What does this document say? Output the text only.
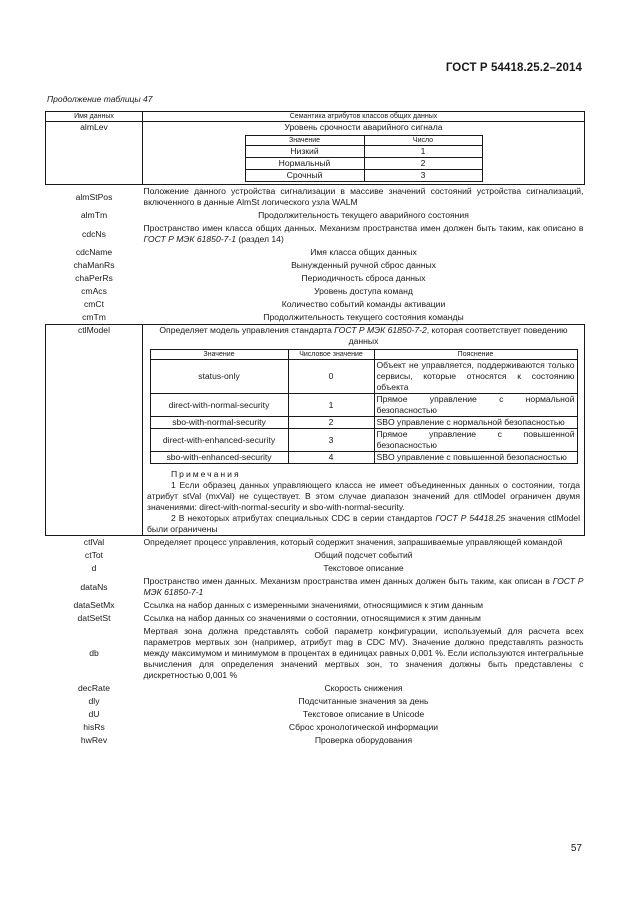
ГОСТ Р 54418.25.2–2014
Продолжение таблицы 47
Имя данных	Семантика атрибутов классов общих данных
almLev	Уровень срочности аварийного сигнала
Значение	Число
Низкий	1
Нормальный	2
Срочный	3

almStPos	Положение данного устройства сигнализации в массиве значений состояний устройства сигнализаций, включенного в данные AlmSt логического узла WALM
almTm	Продолжительность текущего аварийного состояния
cdcNs	Пространство имен класса общих данных. Механизм пространства имен должен быть таким, как описано в ГОСТ Р МЭК 61850-7-1 (раздел 14)
cdcName	Имя класса общих данных
chaManRs	Вынужденный ручной сброс данных
chaPerRs	Периодичность сброса данных
cmAcs	Уровень доступа команд
cmCt	Количество событий команды активации
cmTm	Продолжительность текущего состояния команды
ctlModel	Определяет модель управления стандарта ГОСТ Р МЭК 61850-7-2, которая соответствует поведению данных
Значение	Числовое значение	Пояснение
status-only	0	Объект не управляется, поддерживаются только сервисы, которые относятся к состоянию объекта
direct-with-normal-security	1	Прямое управление с нормальной безопасностью
sbo-with-normal-security	2	SBO управление с нормальной безопасностью
direct-with-enhanced-security	3	Прямое управление с повышенной безопасностью
sbo-with-enhanced-security	4	SBO управление с повышенной безопасностью
Примечания
1 Если образец данных управляющего класса не имеет объединенных данных о состоянии, тогда атрибут stVal (mxVal) не существует. В этом случае диапазон значений для ctlModel ограничен двумя значениями: direct-with-normal-security и sbo-with-normal-security.
2 В некоторых атрибутах специальных CDC в серии стандартов ГОСТ Р 54418.25 значения ctlModel были ограничены

ctlVal	Определяет процесс управления, который содержит значения, запрашиваемые управляющей командой
ctTot	Общий подсчет событий
d	Текстовое описание
dataNs	Пространство имен данных. Механизм пространства имен данных должен быть таким, как описан в ГОСТ Р МЭК 61850-7-1
dataSetMx	Ссылка на набор данных с измеренными значениями, относящимися к этим данным
datSetSt	Ссылка на набор данных со значениями о состоянии, относящимися к этим данным
db	Мертвая зона должна представлять собой параметр конфигурации, используемый для расчета всех параметров мертвых зон (например, атрибут mag в CDC MV). Значение должно представлять разность между максимумом и минимумом в процентах в единицах равных 0,001 %. Если используются интегральные вычисления для определения значений мертвых зон, то значения должны быть представлены с дискретностью 0,001 %
decRate	Скорость снижения
dly	Подсчитанные значения за день
dU	Текстовое описание в Unicode
hisRs	Сброс хронологической информации
hwRev	Проверка оборудования
57
